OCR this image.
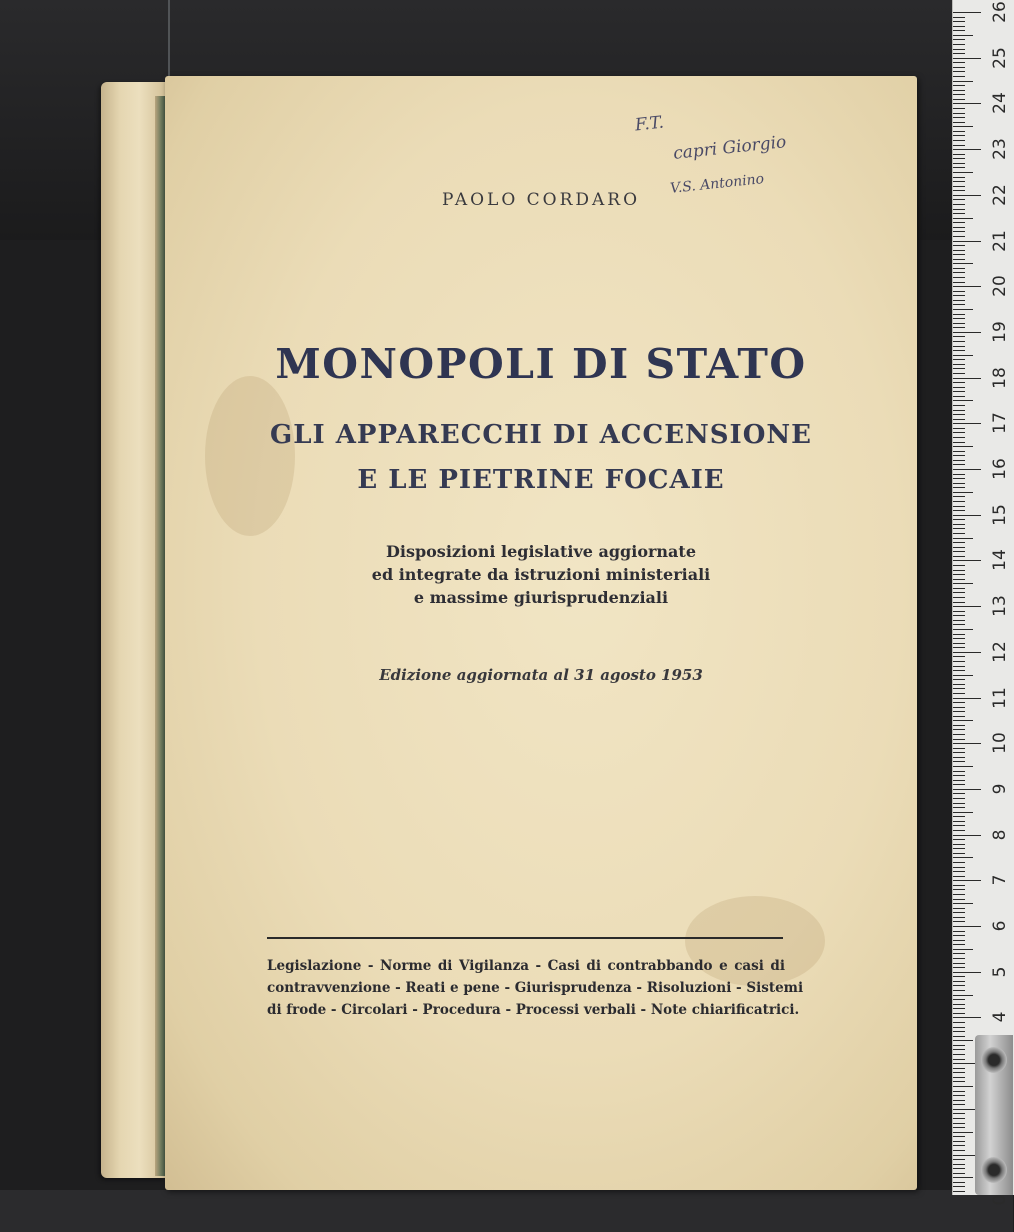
26
25
24
23
22
21
20
19
18
17
16
15
14
13
12
11
10
9
8
7
6
5
4
0
F.T.
capri Giorgio
V.S. Antonino
PAOLO CORDARO
MONOPOLI DI STATO
GLI APPARECCHI DI ACCENSIONE
E LE PIETRINE FOCAIE
Disposizioni legislative aggiornate
ed integrate da istruzioni ministeriali
e massime giurisprudenziali
Edizione aggiornata al 31 agosto 1953
Legislazione - Norme di Vigilanza - Casi di contrabbando e casi di
contravvenzione - Reati e pene - Giurisprudenza - Risoluzioni - Sistemi
di frode - Circolari - Procedura - Processi verbali - Note chiarificatrici.
